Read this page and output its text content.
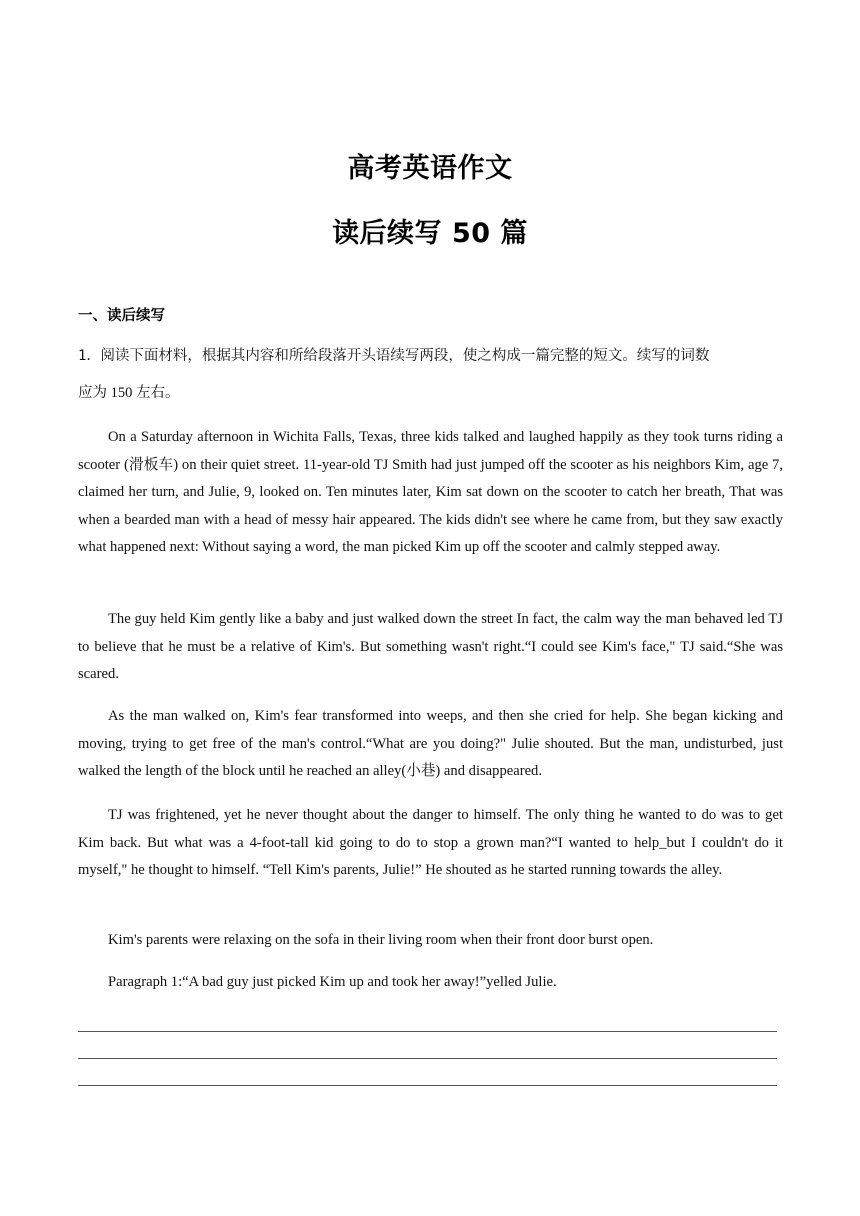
高考英语作文
读后续写 50 篇
一、读后续写
1．阅读下面材料，根据其内容和所给段落开头语续写两段，使之构成一篇完整的短文。续写的词数
应为 150 左右。

On a Saturday afternoon in Wichita Falls, Texas, three kids talked and laughed happily as they took turns riding a scooter (滑板车) on their quiet street. 11-year-old TJ Smith had just jumped off the scooter as his neighbors Kim, age 7, claimed her turn, and Julie, 9, looked on. Ten minutes later, Kim sat down on the scooter to catch her breath, That was when a bearded man with a head of messy hair appeared. The kids didn't see where he came from, but they saw exactly what happened next: Without saying a word, the man picked Kim up off the scooter and calmly stepped away.

The guy held Kim gently like a baby and just walked down the street In fact, the calm way the man behaved led TJ to believe that he must be a relative of Kim's. But something wasn't right.“I could see Kim's face," TJ said.“She was scared.

As the man walked on, Kim's fear transformed into weeps, and then she cried for help. She began kicking and moving, trying to get free of the man's control.“What are you doing?" Julie shouted. But the man, undisturbed, just walked the length of the block until he reached an alley(小巷) and disappeared.

TJ was frightened, yet he never thought about the danger to himself. The only thing he wanted to do was to get Kim back. But what was a 4-foot-tall kid going to do to stop a grown man?“I wanted to help_but I couldn't do it myself," he thought to himself. “Tell Kim's parents, Julie!” He shouted as he started running towards the alley.

Kim's parents were relaxing on the sofa in their living room when their front door burst open.

Paragraph 1:“A bad guy just picked Kim up and took her away!”yelled Julie.
